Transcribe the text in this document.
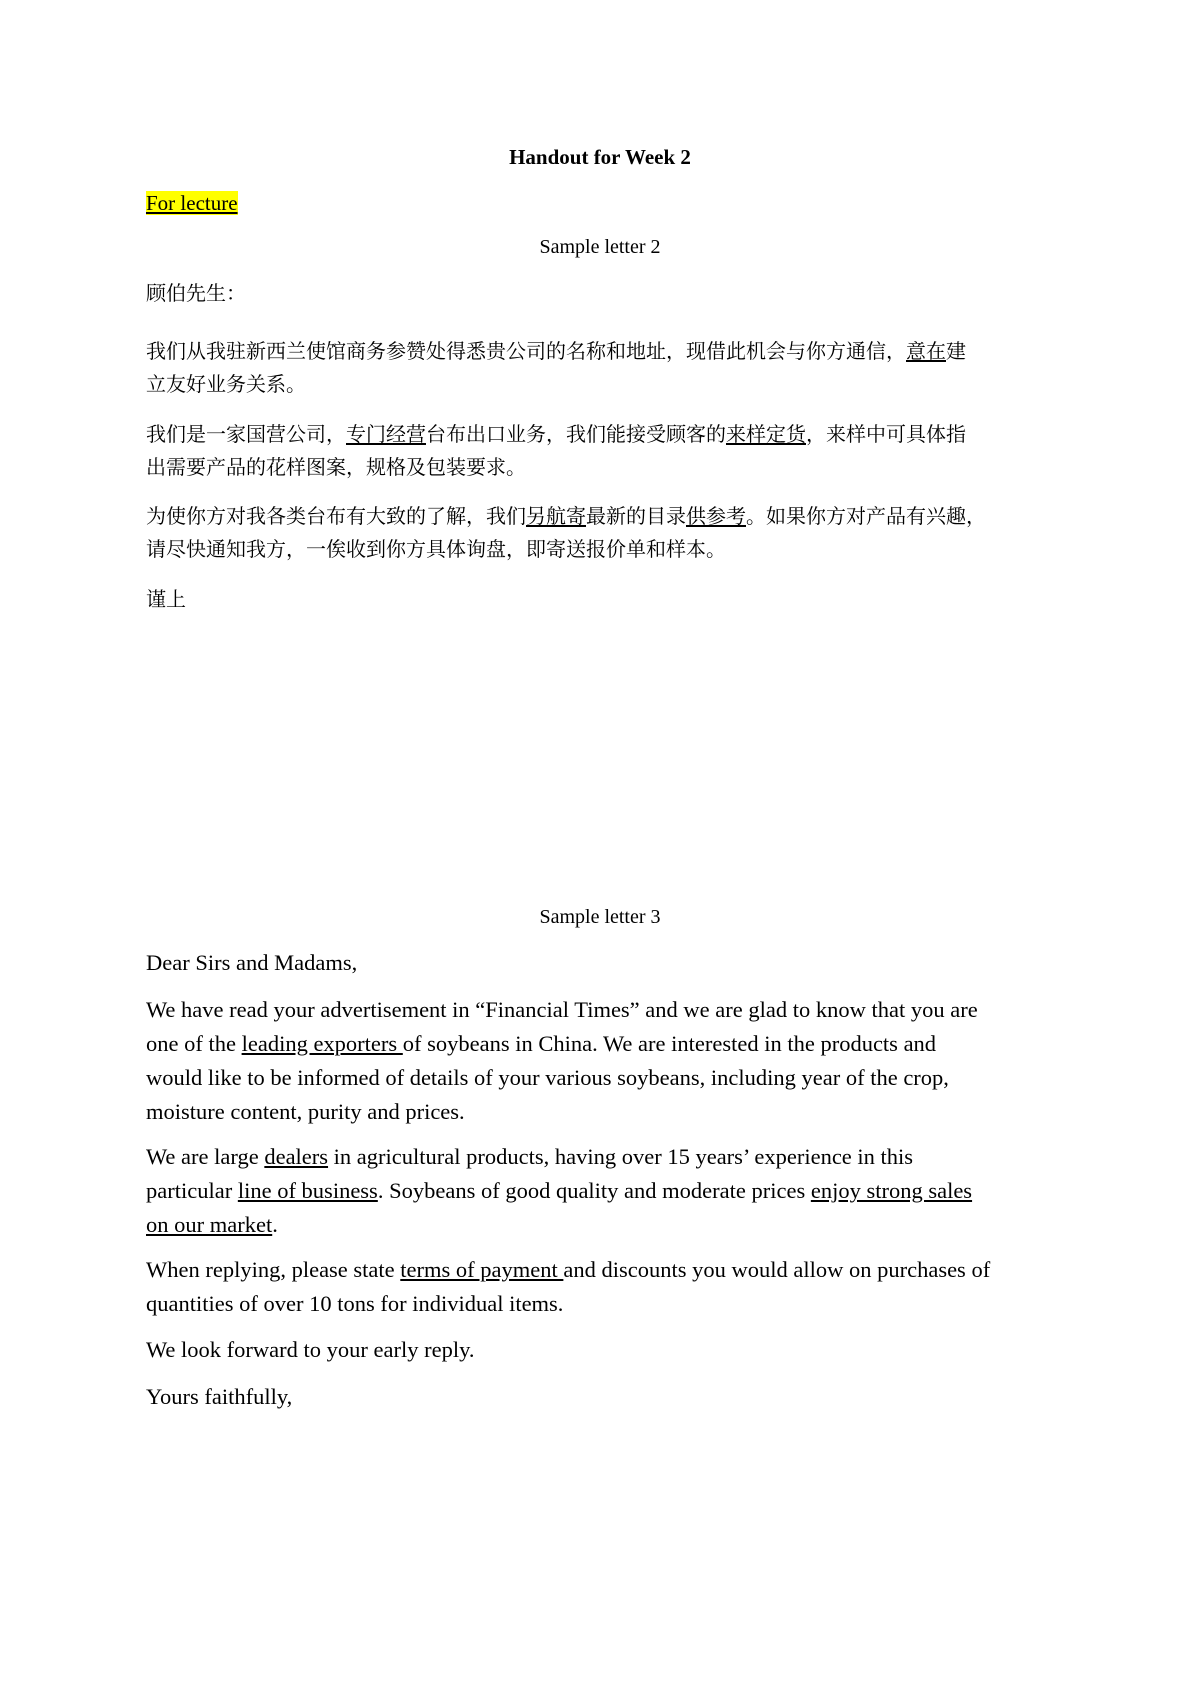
Handout for Week 2
For lecture
Sample letter 2

顾伯先生：

我们从我驻新西兰使馆商务参赞处得悉贵公司的名称和地址，现借此机会与你方通信，意在建

立友好业务关系。

我们是一家国营公司，专门经营台布出口业务，我们能接受顾客的来样定货，来样中可具体指

出需要产品的花样图案，规格及包装要求。

为使你方对我各类台布有大致的了解，我们另航寄最新的目录供参考。如果你方对产品有兴趣，

请尽快通知我方，一俟收到你方具体询盘，即寄送报价单和样本。

谨上

Sample letter 3

Dear Sirs and Madams,

We have read your advertisement in “Financial Times” and we are glad to know that you are

one of the leading exporters of soybeans in China. We are interested in the products and

would like to be informed of details of your various soybeans, including year of the crop,

moisture content, purity and prices.

We are large dealers in agricultural products, having over 15 years’ experience in this

particular line of business. Soybeans of good quality and moderate prices enjoy strong sales

on our market.

When replying, please state terms of payment and discounts you would allow on purchases of

quantities of over 10 tons for individual items.

We look forward to your early reply.

Yours faithfully,
